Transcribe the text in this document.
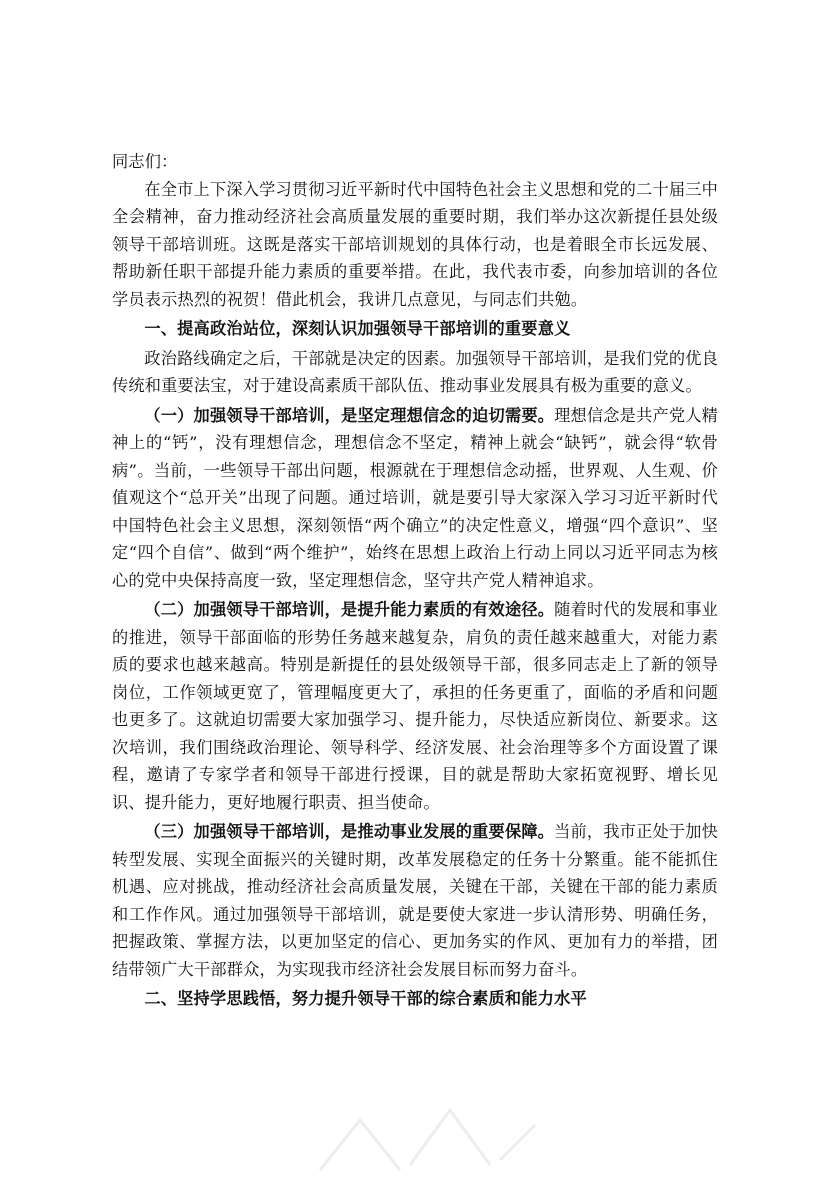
同志们：

在全市上下深入学习贯彻习近平新时代中国特色社会主义思想和党的二十届三中全会精神，奋力推动经济社会高质量发展的重要时期，我们举办这次新提任县处级领导干部培训班。这既是落实干部培训规划的具体行动，也是着眼全市长远发展、帮助新任职干部提升能力素质的重要举措。在此，我代表市委，向参加培训的各位学员表示热烈的祝贺！借此机会，我讲几点意见，与同志们共勉。

一、提高政治站位，深刻认识加强领导干部培训的重要意义

政治路线确定之后，干部就是决定的因素。加强领导干部培训，是我们党的优良传统和重要法宝，对于建设高素质干部队伍、推动事业发展具有极为重要的意义。

（一）加强领导干部培训，是坚定理想信念的迫切需要。理想信念是共产党人精神上的“钙”，没有理想信念，理想信念不坚定，精神上就会“缺钙”，就会得“软骨病”。当前，一些领导干部出问题，根源就在于理想信念动摇，世界观、人生观、价值观这个“总开关”出现了问题。通过培训，就是要引导大家深入学习习近平新时代中国特色社会主义思想，深刻领悟“两个确立”的决定性意义，增强“四个意识”、坚定“四个自信”、做到“两个维护”，始终在思想上政治上行动上同以习近平同志为核心的党中央保持高度一致，坚定理想信念，坚守共产党人精神追求。

（二）加强领导干部培训，是提升能力素质的有效途径。随着时代的发展和事业的推进，领导干部面临的形势任务越来越复杂，肩负的责任越来越重大，对能力素质的要求也越来越高。特别是新提任的县处级领导干部，很多同志走上了新的领导岗位，工作领域更宽了，管理幅度更大了，承担的任务更重了，面临的矛盾和问题也更多了。这就迫切需要大家加强学习、提升能力，尽快适应新岗位、新要求。这次培训，我们围绕政治理论、领导科学、经济发展、社会治理等多个方面设置了课程，邀请了专家学者和领导干部进行授课，目的就是帮助大家拓宽视野、增长见识、提升能力，更好地履行职责、担当使命。

（三）加强领导干部培训，是推动事业发展的重要保障。当前，我市正处于加快转型发展、实现全面振兴的关键时期，改革发展稳定的任务十分繁重。能不能抓住机遇、应对挑战，推动经济社会高质量发展，关键在干部，关键在干部的能力素质和工作作风。通过加强领导干部培训，就是要使大家进一步认清形势、明确任务，把握政策、掌握方法，以更加坚定的信心、更加务实的作风、更加有力的举措，团结带领广大干部群众，为实现我市经济社会发展目标而努力奋斗。

二、坚持学思践悟，努力提升领导干部的综合素质和能力水平
